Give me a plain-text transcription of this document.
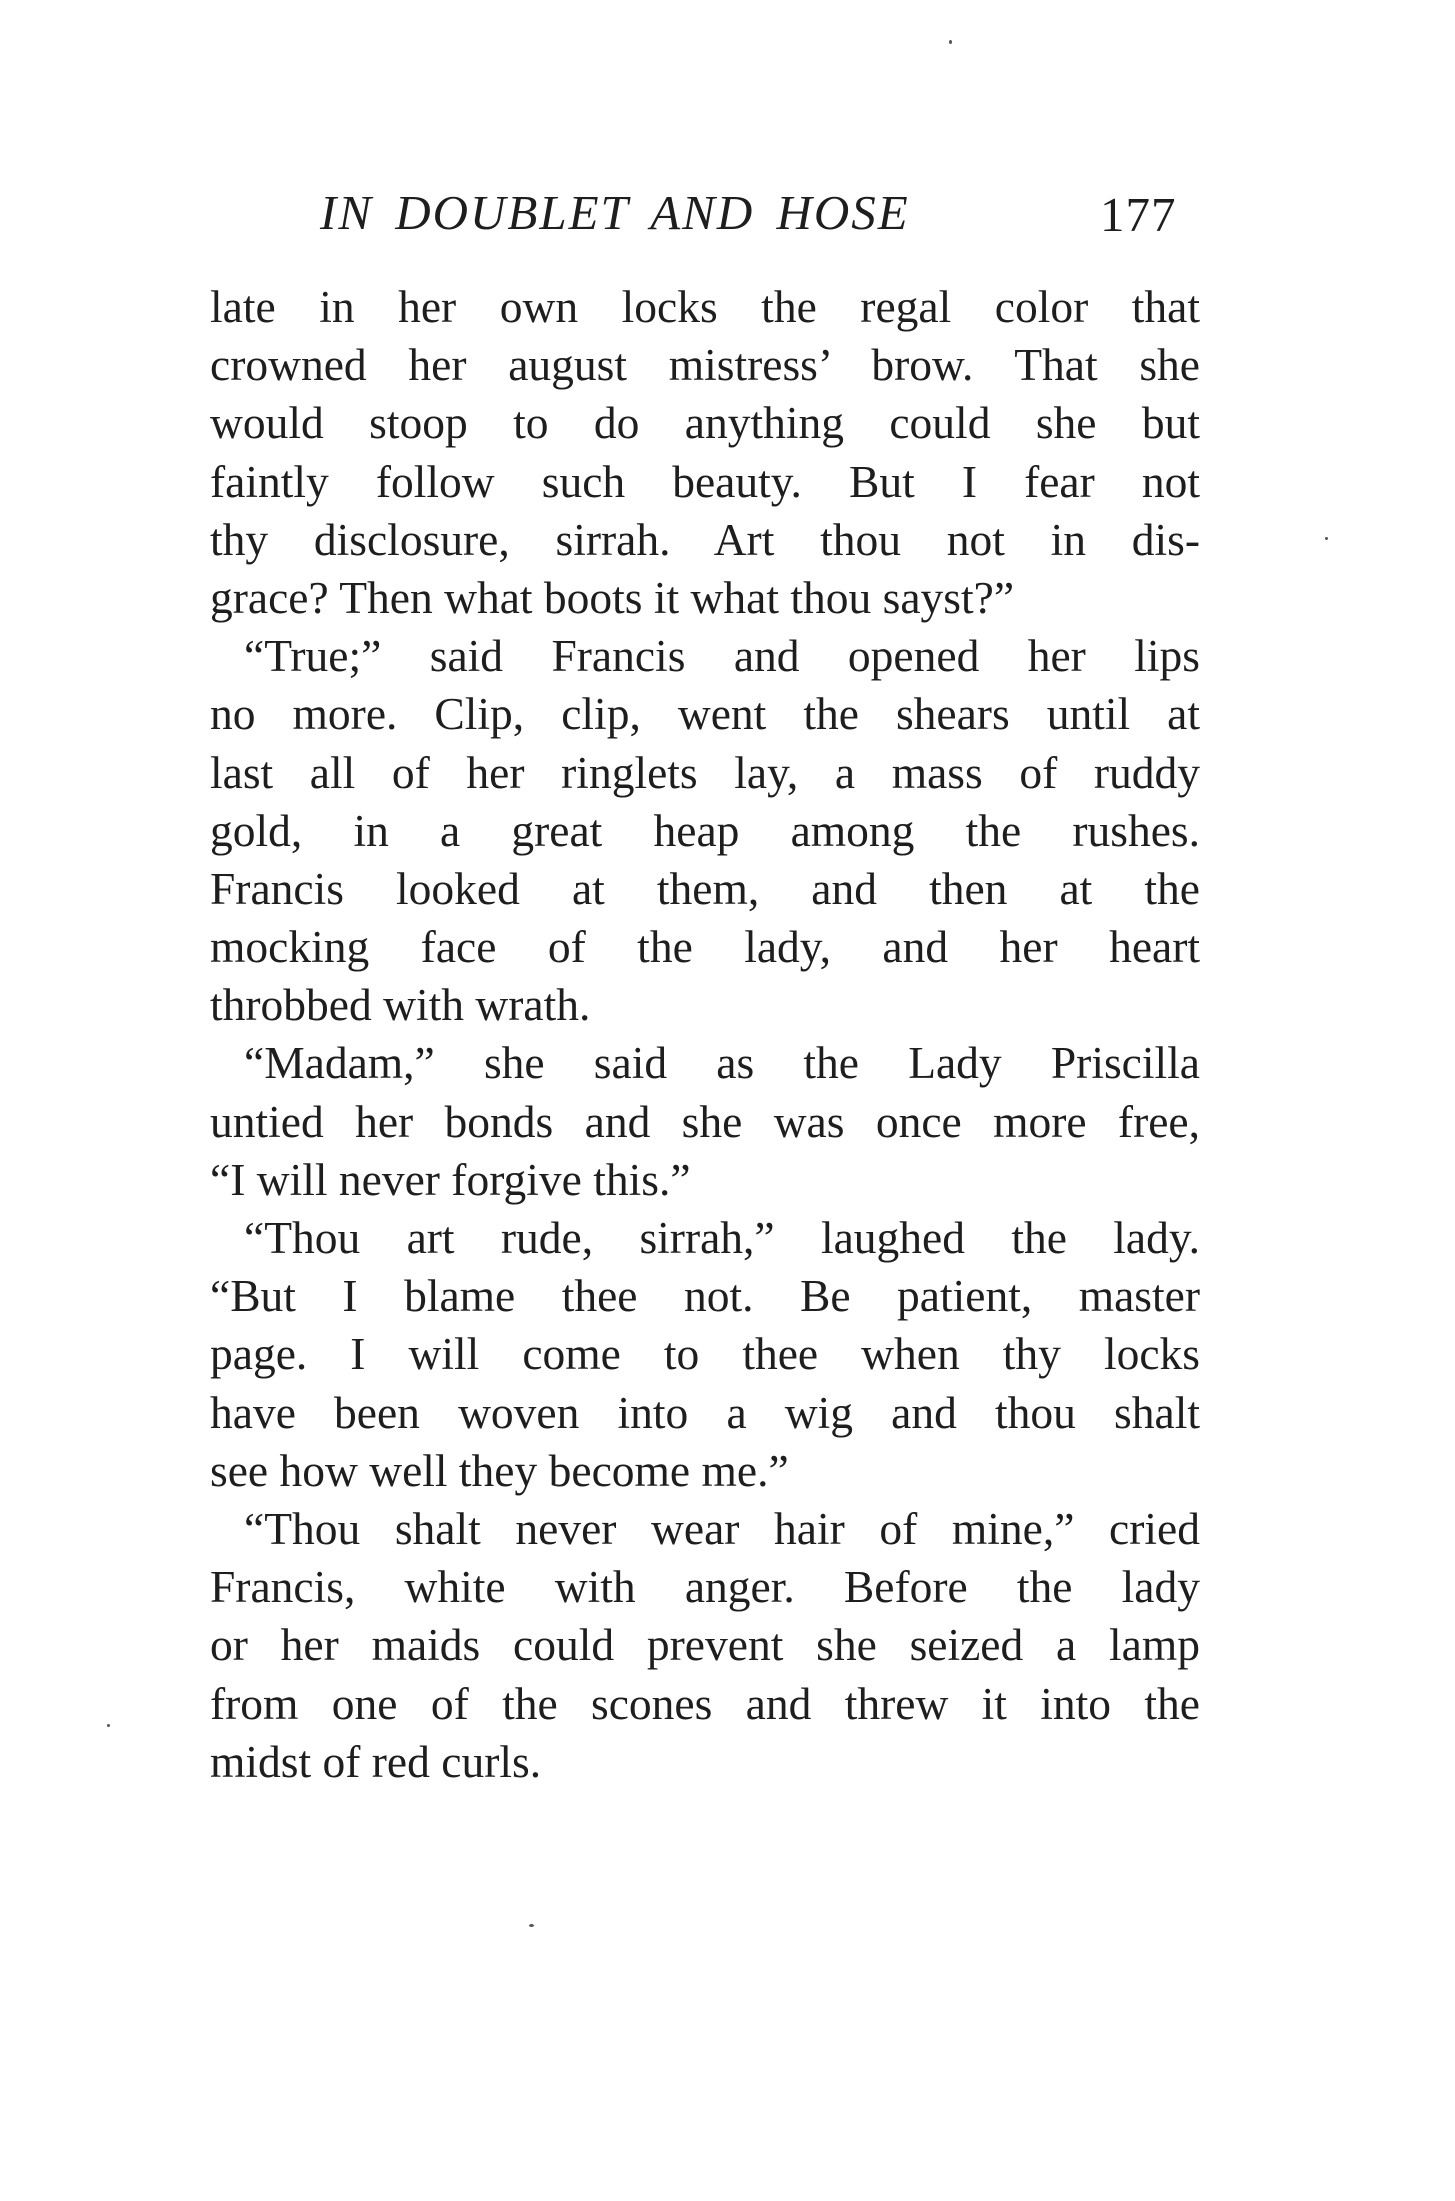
IN DOUBLET AND HOSE	177
late in her own locks the regal color that
crowned her august mistress’ brow. That she
would stoop to do anything could she but
faintly follow such beauty. But I fear not
thy disclosure, sirrah. Art thou not in dis-
grace? Then what boots it what thou sayst?”
“True;” said Francis and opened her lips
no more. Clip, clip, went the shears until at
last all of her ringlets lay, a mass of ruddy
gold, in a great heap among the rushes.
Francis looked at them, and then at the
mocking face of the lady, and her heart
throbbed with wrath.
“Madam,” she said as the Lady Priscilla
untied her bonds and she was once more free,
“I will never forgive this.”
“Thou art rude, sirrah,” laughed the lady.
“But I blame thee not. Be patient, master
page. I will come to thee when thy locks
have been woven into a wig and thou shalt
see how well they become me.”
“Thou shalt never wear hair of mine,” cried
Francis, white with anger. Before the lady
or her maids could prevent she seized a lamp
from one of the scones and threw it into the
midst of red curls.
